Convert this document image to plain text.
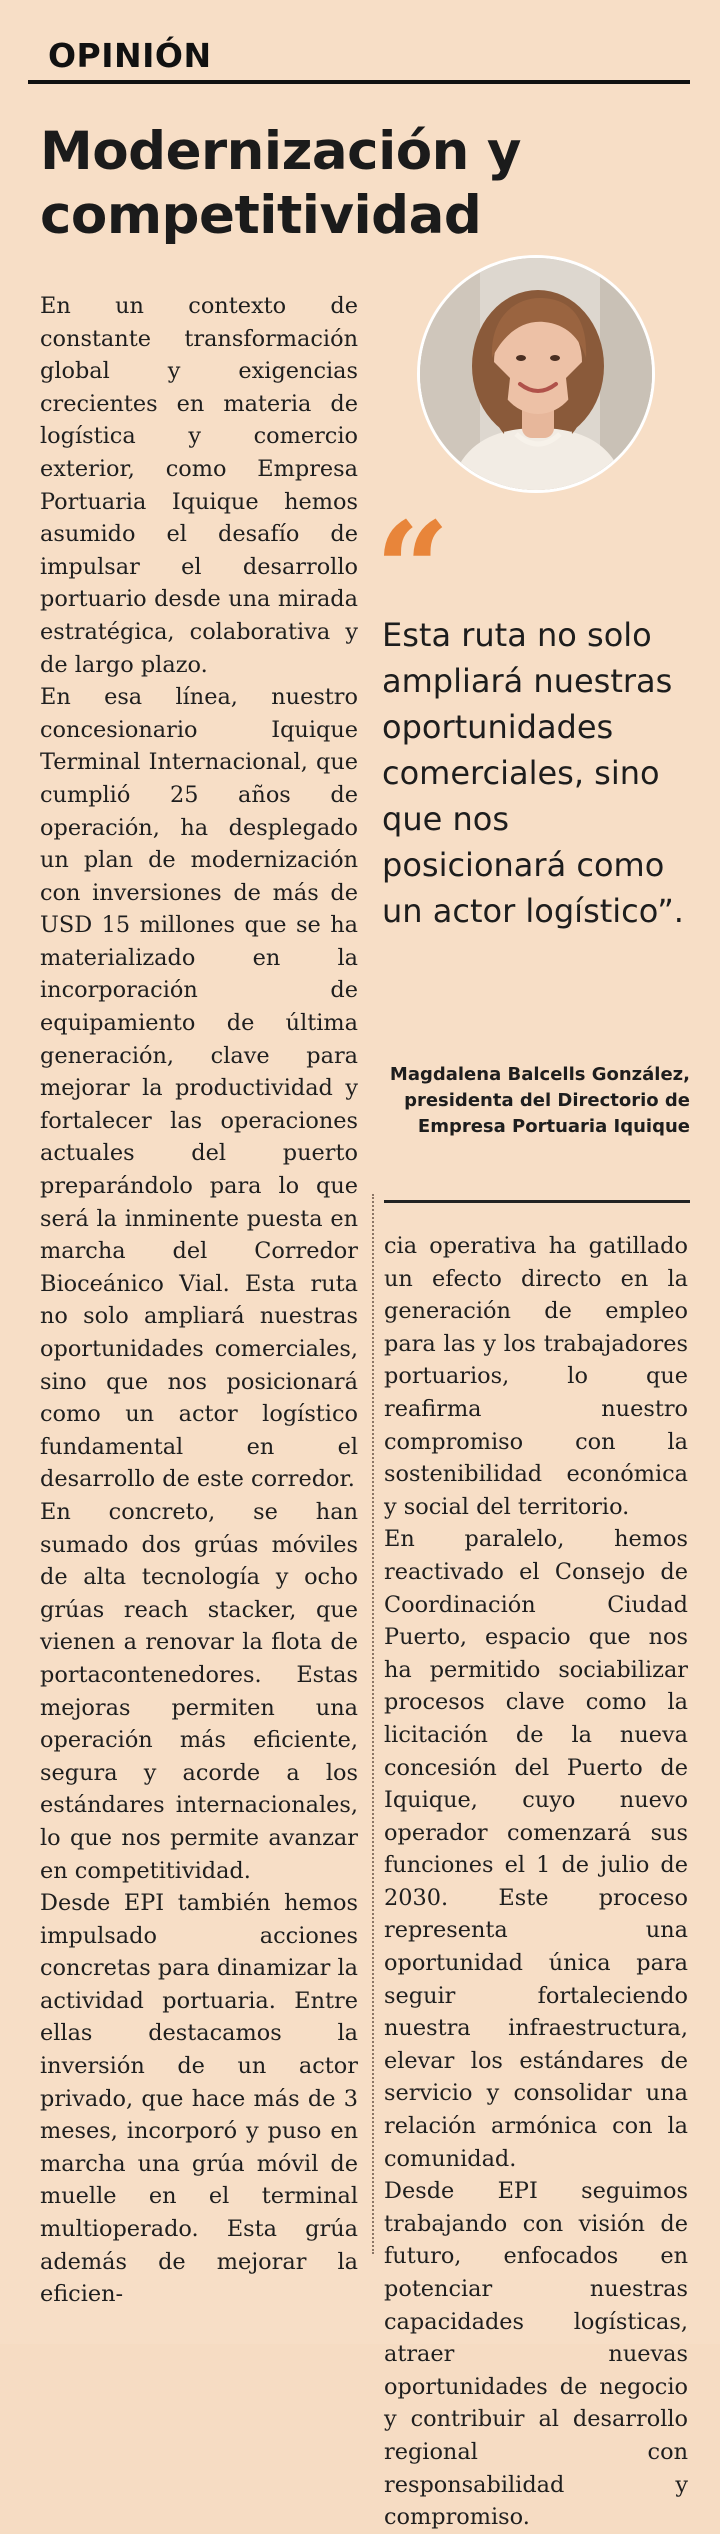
OPINIÓN
Modernización y competitividad

En un contexto de constante transformación global y exigencias crecientes en materia de logística y comercio exterior, como Empresa Portuaria Iquique hemos asumido el desafío de impulsar el desarrollo portuario desde una mirada estratégica, colaborativa y de largo plazo.

En esa línea, nuestro concesionario Iquique Terminal Internacional, que cumplió 25 años de operación, ha desplegado un plan de modernización con inversiones de más de USD 15 millones que se ha materializado en la incorporación de equipamiento de última generación, clave para mejorar la productividad y fortalecer las operaciones actuales del puerto preparándolo para lo que será la inminente puesta en marcha del Corredor Bioceánico Vial. Esta ruta no solo ampliará nuestras oportunidades comerciales, sino que nos posicionará como un actor logístico fundamental en el desarrollo de este corredor.

En concreto, se han sumado dos grúas móviles de alta tecnología y ocho grúas reach stacker, que vienen a renovar la flota de portacontenedores. Estas mejoras permiten una operación más eficiente, segura y acorde a los estándares internacionales, lo que nos permite avanzar en competitividad.

Desde EPI también hemos impulsado acciones concretas para dinamizar la actividad portuaria. Entre ellas destacamos la inversión de un actor privado, que hace más de 3 meses, incorporó y puso en marcha una grúa móvil de muelle en el terminal multioperado. Esta grúa además de mejorar la eficien-

“

Esta ruta no solo ampliará nuestras oportunidades comerciales, sino que nos posicionará como un actor logístico”.

Magdalena Balcells González,
presidenta del Directorio de
Empresa Portuaria Iquique

cia operativa ha gatillado un efecto directo en la generación de empleo para las y los trabajadores portuarios, lo que reafirma nuestro compromiso con la sostenibilidad económica y social del territorio.

En paralelo, hemos reactivado el Consejo de Coordinación Ciudad Puerto, espacio que nos ha permitido sociabilizar procesos clave como la licitación de la nueva concesión del Puerto de Iquique, cuyo nuevo operador comenzará sus funciones el 1 de julio de 2030. Este proceso representa una oportunidad única para seguir fortaleciendo nuestra infraestructura, elevar los estándares de servicio y consolidar una relación armónica con la comunidad.

Desde EPI seguimos trabajando con visión de futuro, enfocados en potenciar nuestras capacidades logísticas, atraer nuevas oportunidades de negocio y contribuir al desarrollo regional con responsabilidad y compromiso.
